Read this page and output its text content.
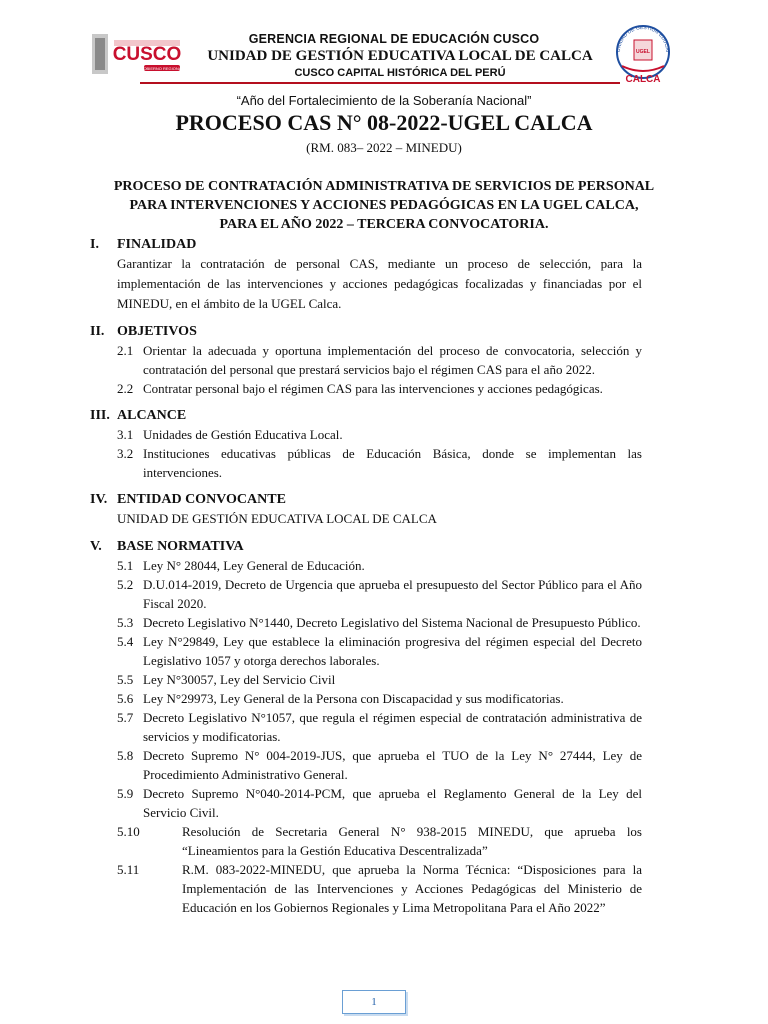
CUSCO
GOBIERNO REGIONAL
GERENCIA REGIONAL DE EDUCACIÓN CUSCO
UNIDAD DE GESTIÓN EDUCATIVA LOCAL DE CALCA
CUSCO CAPITAL HISTÓRICA DEL PERÚ
UNIDAD DE GESTIÓN EDUCAT
UGEL
CALCA
“Año del Fortalecimiento de la Soberanía Nacional”
PROCESO CAS N° 08-2022-UGEL CALCA
(RM. 083– 2022 – MINEDU)
PROCESO DE CONTRATACIÓN ADMINISTRATIVA DE SERVICIOS DE PERSONAL PARA INTERVENCIONES Y ACCIONES PEDAGÓGICAS EN LA UGEL CALCA, PARA EL AÑO 2022 – TERCERA CONVOCATORIA.
I.	FINALIDAD
Garantizar la contratación de personal CAS, mediante un proceso de selección, para la implementación de las intervenciones y acciones pedagógicas focalizadas y financiadas por el MINEDU, en el ámbito de la UGEL Calca.
II. OBJETIVOS
2.1 Orientar la adecuada y oportuna implementación del proceso de convocatoria, selección y contratación del personal que prestará servicios bajo el régimen CAS para el año 2022.
2.2 Contratar personal bajo el régimen CAS para las intervenciones y acciones pedagógicas.
III. ALCANCE
3.1 Unidades de Gestión Educativa Local.
3.2 Instituciones educativas públicas de Educación Básica, donde se implementan las intervenciones.
IV. ENTIDAD CONVOCANTE
UNIDAD DE GESTIÓN EDUCATIVA LOCAL DE CALCA
V.	BASE NORMATIVA
5.1 Ley N° 28044, Ley General de Educación.
5.2 D.U.014-2019, Decreto de Urgencia que aprueba el presupuesto del Sector Público para el Año Fiscal 2020.
5.3 Decreto Legislativo N°1440, Decreto Legislativo del Sistema Nacional de Presupuesto Público.
5.4 Ley N°29849, Ley que establece la eliminación progresiva del régimen especial del Decreto Legislativo 1057 y otorga derechos laborales.
5.5 Ley N°30057, Ley del Servicio Civil
5.6 Ley N°29973, Ley General de la Persona con Discapacidad y sus modificatorias.
5.7 Decreto Legislativo N°1057, que regula el régimen especial de contratación administrativa de servicios y modificatorias.
5.8 Decreto Supremo N° 004-2019-JUS, que aprueba el TUO de la Ley N° 27444, Ley de Procedimiento Administrativo General.
5.9 Decreto Supremo N°040-2014-PCM, que aprueba el Reglamento General de la Ley del Servicio Civil.
5.10	Resolución de Secretaria General N° 938-2015 MINEDU, que aprueba los “Lineamientos para la Gestión Educativa Descentralizada”
5.11	R.M. 083-2022-MINEDU, que aprueba la Norma Técnica: “Disposiciones para la Implementación de las Intervenciones y Acciones Pedagógicas del Ministerio de Educación en los Gobiernos Regionales y Lima Metropolitana Para el Año 2022”
1
